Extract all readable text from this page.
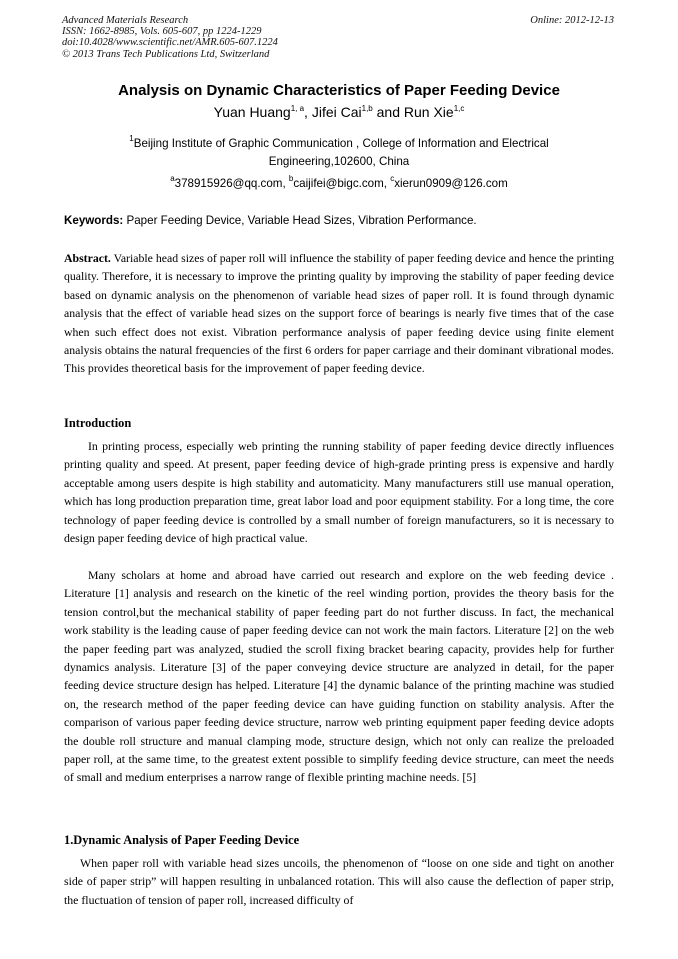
Advanced Materials Research
ISSN: 1662-8985, Vols. 605-607, pp 1224-1229
doi:10.4028/www.scientific.net/AMR.605-607.1224
© 2013 Trans Tech Publications Ltd, Switzerland
Online: 2012-12-13
Analysis on Dynamic Characteristics of Paper Feeding Device
Yuan Huang$^{1, a}$, Jifei Cai$^{1,b}$ and Run Xie$^{1,c}$
$^1$Beijing Institute of Graphic Communication , College of Information and Electrical Engineering,102600, China
$^a$378915926@qq.com, $^b$caijifei@bigc.com, $^c$xierun0909@126.com
Keywords: Paper Feeding Device, Variable Head Sizes, Vibration Performance.
Abstract. Variable head sizes of paper roll will influence the stability of paper feeding device and hence the printing quality. Therefore, it is necessary to improve the printing quality by improving the stability of paper feeding device based on dynamic analysis on the phenomenon of variable head sizes of paper roll. It is found through dynamic analysis that the effect of variable head sizes on the support force of bearings is nearly five times that of the case when such effect does not exist. Vibration performance analysis of paper feeding device using finite element analysis obtains the natural frequencies of the first 6 orders for paper carriage and their dominant vibrational modes. This provides theoretical basis for the improvement of paper feeding device.
Introduction
In printing process, especially web printing the running stability of paper feeding device directly influences printing quality and speed. At present, paper feeding device of high-grade printing press is expensive and hardly acceptable among users despite is high stability and automaticity. Many manufacturers still use manual operation, which has long production preparation time, great labor load and poor equipment stability. For a long time, the core technology of paper feeding device is controlled by a small number of foreign manufacturers, so it is necessary to design paper feeding device of high practical value.
Many scholars at home and abroad have carried out research and explore on the web feeding device . Literature [1] analysis and research on the kinetic of the reel winding portion, provides the theory basis for the tension control,but the mechanical stability of paper feeding part do not further discuss. In fact, the mechanical work stability is the leading cause of paper feeding device can not work the main factors. Literature [2] on the web the paper feeding part was analyzed, studied the scroll fixing bracket bearing capacity, provides help for further dynamics analysis. Literature [3] of the paper conveying device structure are analyzed in detail, for the paper feeding device structure design has helped. Literature [4] the dynamic balance of the printing machine was studied on, the research method of the paper feeding device can have guiding function on stability analysis. After the comparison of various paper feeding device structure, narrow web printing equipment paper feeding device adopts the double roll structure and manual clamping mode, structure design, which not only can realize the preloaded paper roll, at the same time, to the greatest extent possible to simplify feeding device structure, can meet the needs of small and medium enterprises a narrow range of flexible printing machine needs. [5]
1.Dynamic Analysis of Paper Feeding Device
When paper roll with variable head sizes uncoils, the phenomenon of “loose on one side and tight on another side of paper strip” will happen resulting in unbalanced rotation. This will also cause the deflection of paper strip, the fluctuation of tension of paper roll, increased difficulty of
